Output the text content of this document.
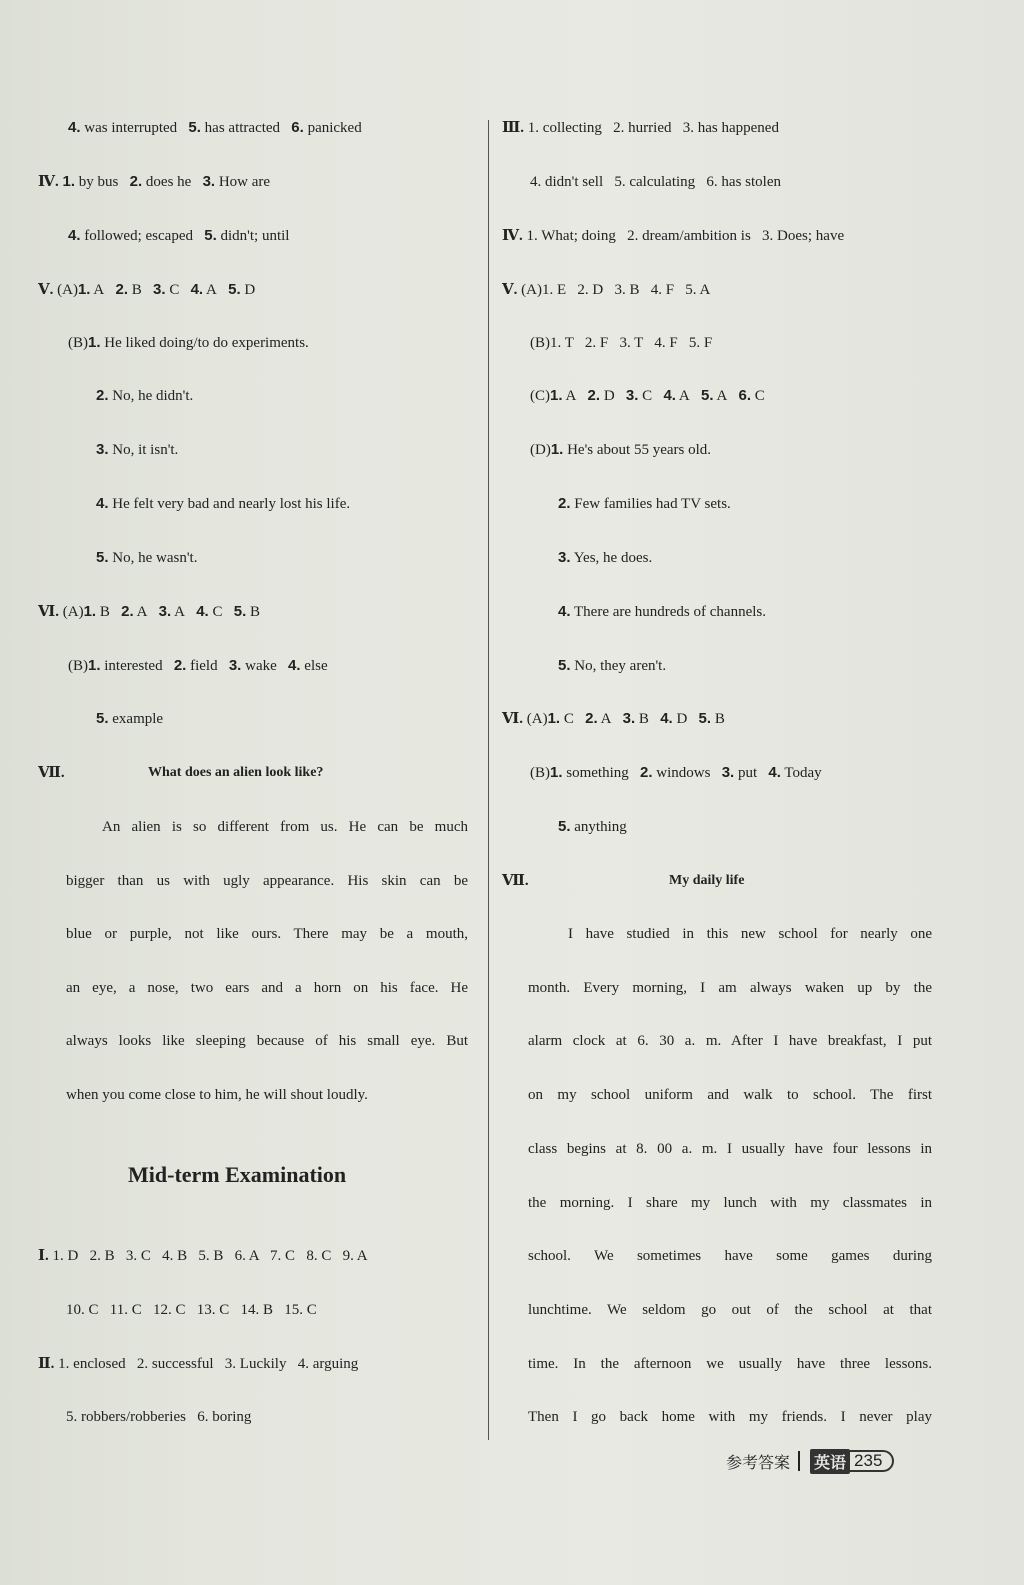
4. was interrupted 5. has attracted 6. panicked
Ⅳ. 1. by bus 2. does he 3. How are
4. followed; escaped 5. didn't; until
Ⅴ. (A)1. A 2. B 3. C 4. A 5. D
(B)1. He liked doing/to do experiments.
2. No, he didn't.
3. No, it isn't.
4. He felt very bad and nearly lost his life.
5. No, he wasn't.
Ⅵ. (A)1. B 2. A 3. A 4. C 5. B
(B)1. interested 2. field 3. wake 4. else
5. example
Ⅶ.	What does an alien look like?
An alien is so different from us. He can be much
bigger than us with ugly appearance. His skin can be
blue or purple, not like ours. There may be a mouth,
an eye, a nose, two ears and a horn on his face. He
always looks like sleeping because of his small eye. But
when you come close to him, he will shout loudly.
Mid-term Examination
Ⅰ. 1. D   2. B   3. C   4. B   5. B   6. A   7. C   8. C   9. A
10. C   11. C   12. C   13. C   14. B   15. C
Ⅱ. 1. enclosed   2. successful   3. Luckily   4. arguing
5. robbers/robberies   6. boring
Ⅲ. 1. collecting   2. hurried   3. has happened
4. didn't sell   5. calculating   6. has stolen
Ⅳ. 1. What; doing   2. dream/ambition is   3. Does; have
Ⅴ. (A)1. E   2. D   3. B   4. F   5. A
(B)1. T   2. F   3. T   4. F   5. F
(C)1. A 2. D 3. C 4. A 5. A 6. C
(D)1. He's about 55 years old.
2. Few families had TV sets.
3. Yes, he does.
4. There are hundreds of channels.
5. No, they aren't.
Ⅵ. (A)1. C 2. A 3. B 4. D 5. B
(B)1. something 2. windows 3. put 4. Today
5. anything
Ⅶ.	My daily life
I have studied in this new school for nearly one
month. Every morning, I am always waken up by the
alarm clock at 6. 30 a. m. After I have breakfast, I put
on my school uniform and walk to school. The first
class begins at 8. 00 a. m. I usually have four lessons in
the morning. I share my lunch with my classmates in
school. We sometimes have some games during
lunchtime. We seldom go out of the school at that
time. In the afternoon we usually have three lessons.
Then I go back home with my friends. I never play
参考答案 英语 235
